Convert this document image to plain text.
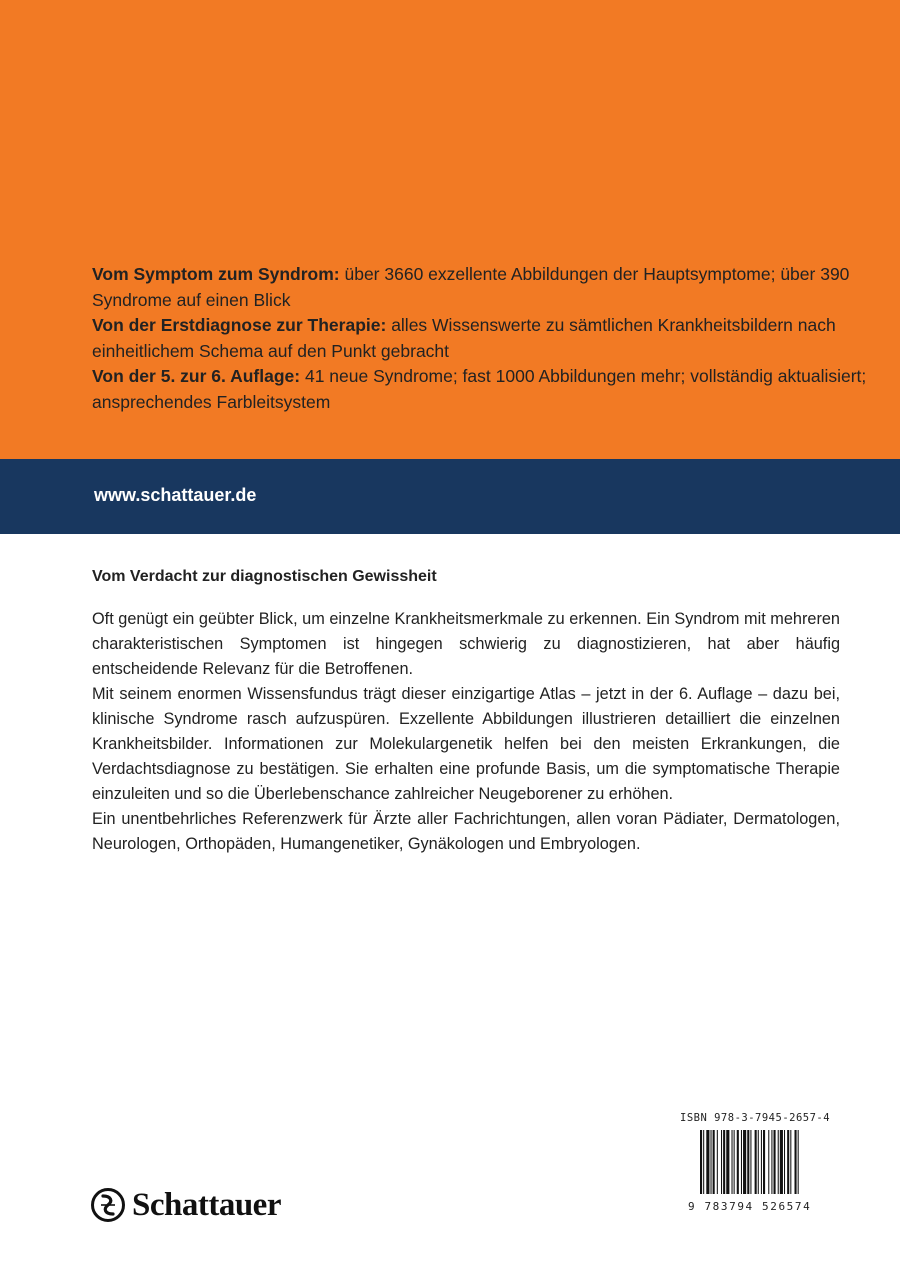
Vom Symptom zum Syndrom: über 3660 exzellente Abbildungen der Hauptsymptome; über 390 Syndrome auf einen Blick

Von der Erstdiagnose zur Therapie: alles Wissenswerte zu sämtlichen Krankheitsbildern nach einheitlichem Schema auf den Punkt gebracht

Von der 5. zur 6. Auflage: 41 neue Syndrome; fast 1000 Abbildungen mehr; vollständig aktualisiert; ansprechendes Farbleitsystem

www.schattauer.de

Vom Verdacht zur diagnostischen Gewissheit

Oft genügt ein geübter Blick, um einzelne Krankheitsmerkmale zu erkennen. Ein Syndrom mit mehreren charakteristischen Symptomen ist hingegen schwierig zu diagnostizieren, hat aber häufig entscheidende Relevanz für die Betroffenen.

Mit seinem enormen Wissensfundus trägt dieser einzigartige Atlas – jetzt in der 6. Auflage – dazu bei, klinische Syndrome rasch aufzuspüren. Exzellente Abbildungen illustrieren detailliert die einzelnen Krankheitsbilder. Informationen zur Molekulargenetik helfen bei den meisten Erkrankungen, die Verdachtsdiagnose zu bestätigen. Sie erhalten eine profunde Basis, um die symptomatische Therapie einzuleiten und so die Überlebenschance zahlreicher Neugeborener zu erhöhen.

Ein unentbehrliches Referenzwerk für Ärzte aller Fachrichtungen, allen voran Pädiater, Dermatologen, Neurologen, Orthopäden, Humangenetiker, Gynäkologen und Embryologen.

ISBN 978-3-7945-2657-4
9 783794 526574
Schattauer
